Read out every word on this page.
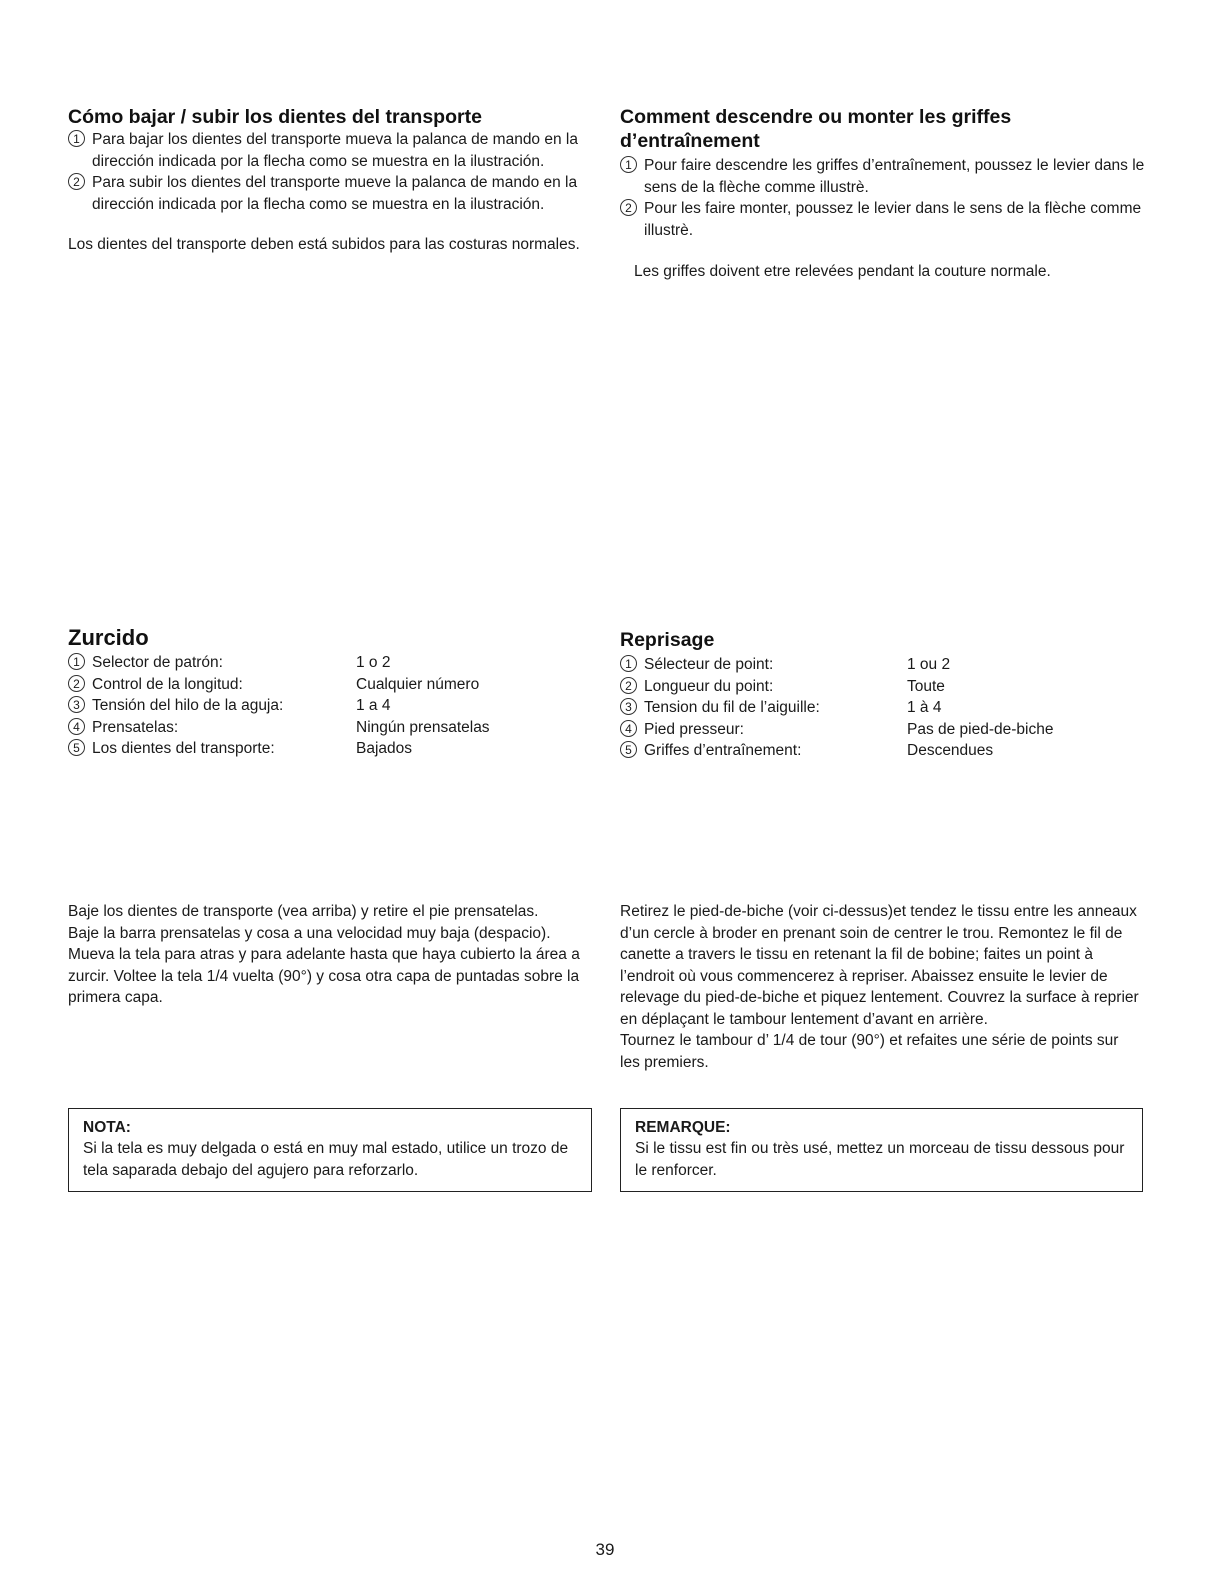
Cómo bajar / subir los dientes del transporte
1 Para bajar los dientes del transporte mueva la palanca de mando en la dirección indicada por la flecha como se muestra en la ilustración.
2 Para subir los dientes del transporte mueve la palanca de mando en la dirección indicada por la flecha como se muestra en la ilustración.

Los dientes del transporte deben está subidos para las costuras normales.

Comment descendre ou monter les griffes d’entraînement
1 Pour faire descendre les griffes d’entraînement, poussez le levier dans le sens de la flèche comme illustrè.
2 Pour les faire monter, poussez le levier dans le sens de la flèche comme illustrè.

Les griffes doivent etre relevées pendant la couture normale.

Zurcido
1 Selector de patrón:	1 o 2
2 Control de la longitud:	Cualquier número
3 Tensión del hilo de la aguja:	1 a 4
4 Prensatelas:	Ningún prensatelas
5 Los dientes del transporte:	Bajados
Reprisage
1 Sélecteur de point:	1 ou 2
2 Longueur du point:	Toute
3 Tension du fil de l’aiguille:	1 à 4
4 Pied presseur:	Pas de pied-de-biche
5 Griffes d’entraînement:	Descendues

Baje los dientes de transporte (vea arriba) y retire el pie prensatelas.

Baje la barra prensatelas y cosa a una velocidad muy baja (despacio).

Mueva la tela para atras y para adelante hasta que haya cubierto la área a zurcir. Voltee la tela 1/4 vuelta (90°) y cosa otra capa de puntadas sobre la primera capa.

Retirez le pied-de-biche (voir ci-dessus)et tendez le tissu entre les anneaux d’un cercle à broder en prenant soin de centrer le trou. Remontez le fil de canette a travers le tissu en retenant la fil de bobine; faites un point à l’endroit où vous commencerez à repriser. Abaissez ensuite le levier de relevage du pied-de-biche et piquez lentement. Couvrez la surface à reprier en déplaçant le tambour lentement d’avant en arrière.

Tournez le tambour d’ 1/4 de tour (90°) et refaites une série de points sur les premiers.

NOTA:
Si la tela es muy delgada o está en muy mal estado, utilice un trozo de tela saparada debajo del agujero para reforzarlo.
REMARQUE:
Si le tissu est fin ou très usé, mettez un morceau de tissu dessous pour le renforcer.
39
